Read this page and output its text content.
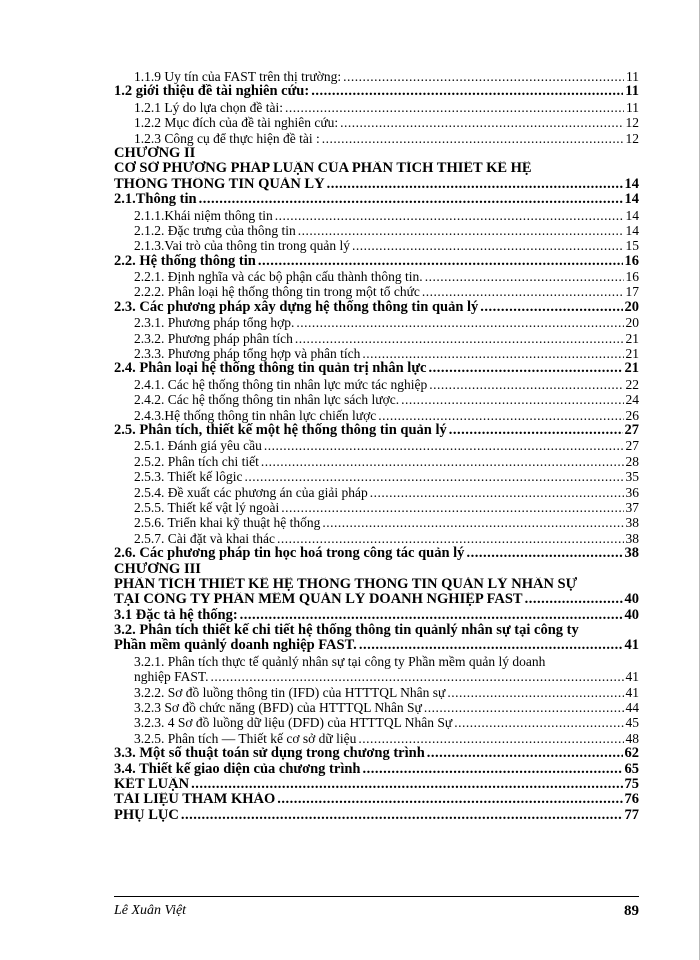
1.1.9 Uy tín của FAST trên thị trường: .....	11
1.2 giới thiệu đề tài nghiên cứu: .....	11
1.2.1 Lý do lựa chọn đề tài: .....	11
1.2.2 Mục đích của đề tài nghiên cứu: .....	12
1.2.3 Công cụ để thực hiện đề tài : .....	12
CHƯƠNG II
CƠ SỞ PHƯƠNG PHÁP LUẬN CỦA PHÂN TÍCH THIẾT KẾ HỆ
THỐNG THÔNG TIN QUẢN LÝ .....	14
2.1.Thông tin .....	14
2.1.1.Khái niệm thông tin .....	14
2.1.2. Đặc trưng của thông tin .....	14
2.1.3.Vai trò của thông tin trong quản lý .....	15
2.2. Hệ thống thông tin .....	16
2.2.1. Định nghĩa và các bộ phận cấu thành thông tin. .....	16
2.2.2. Phân loại hệ thống thông tin trong một tổ chức .....	17
2.3. Các phương pháp xây dựng hệ thống thông tin quản lý .....	20
2.3.1. Phương pháp tổng hợp. .....	20
2.3.2. Phương pháp phân tích .....	21
2.3.3. Phương pháp tổng hợp và phân tích .....	21
2.4. Phân loại hệ thống thông tin quản trị nhân lực .....	21
2.4.1. Các hệ thống thông tin nhân lực mức tác nghiệp .....	22
2.4.2. Các hệ thống thông tin nhân lực sách lược. .....	24
2.4.3.Hệ thống thông tin nhân lực chiến lược .....	26
2.5. Phân tích, thiết kế một hệ thống thông tin quản lý .....	27
2.5.1. Đánh giá yêu cầu .....	27
2.5.2. Phân tích chi tiết .....	28
2.5.3. Thiết kế lôgic .....	35
2.5.4. Đề xuất các phương án của giải pháp .....	36
2.5.5. Thiết kế vật lý ngoài .....	37
2.5.6. Triển khai kỹ thuật hệ thống .....	38
2.5.7. Cài đặt và khai thác .....	38
2.6. Các phương pháp tin học hoá trong công tác quản lý .....	38
CHƯƠNG III
PHÂN TÍCH THIẾT KẾ HỆ THỐNG THÔNG TIN QUẢN LÝ NHÂN SỰ
TẠI CÔNG TY PHẦN MỀM QUẢN LÝ DOANH NGHIỆP FAST .....	40
3.1 Đặc tả hệ thống: .....	40
3.2. Phân tích thiết kế chi tiết hệ thống thông tin quảnlý nhân sự tại công ty
Phần mềm quảnlý doanh nghiệp FAST. .....	41
3.2.1. Phân tích thực tế quảnlý nhân sự tại công ty Phần mềm quản lý doanh
nghiệp FAST. .....	41
3.2.2. Sơ đồ luồng thông tin (IFD) của HTTTQL Nhân sự .....	41
3.2.3 Sơ đồ chức năng (BFD) của HTTTQL Nhân Sự .....	44
3.2.3. 4 Sơ đồ luồng dữ liệu (DFD) của HTTTQL Nhân Sự .....	45
3.2.5. Phân tích — Thiết kế cơ sở dữ liệu .....	48
3.3. Một số thuật toán sử dụng trong chương trình .....	62
3.4. Thiết kế giao diện của chương trình .....	65
KẾT LUẬN .....	75
TÀI LIỆU THAM KHẢO .....	76
PHỤ LỤC .....	77
Lê Xuân Việt	89
